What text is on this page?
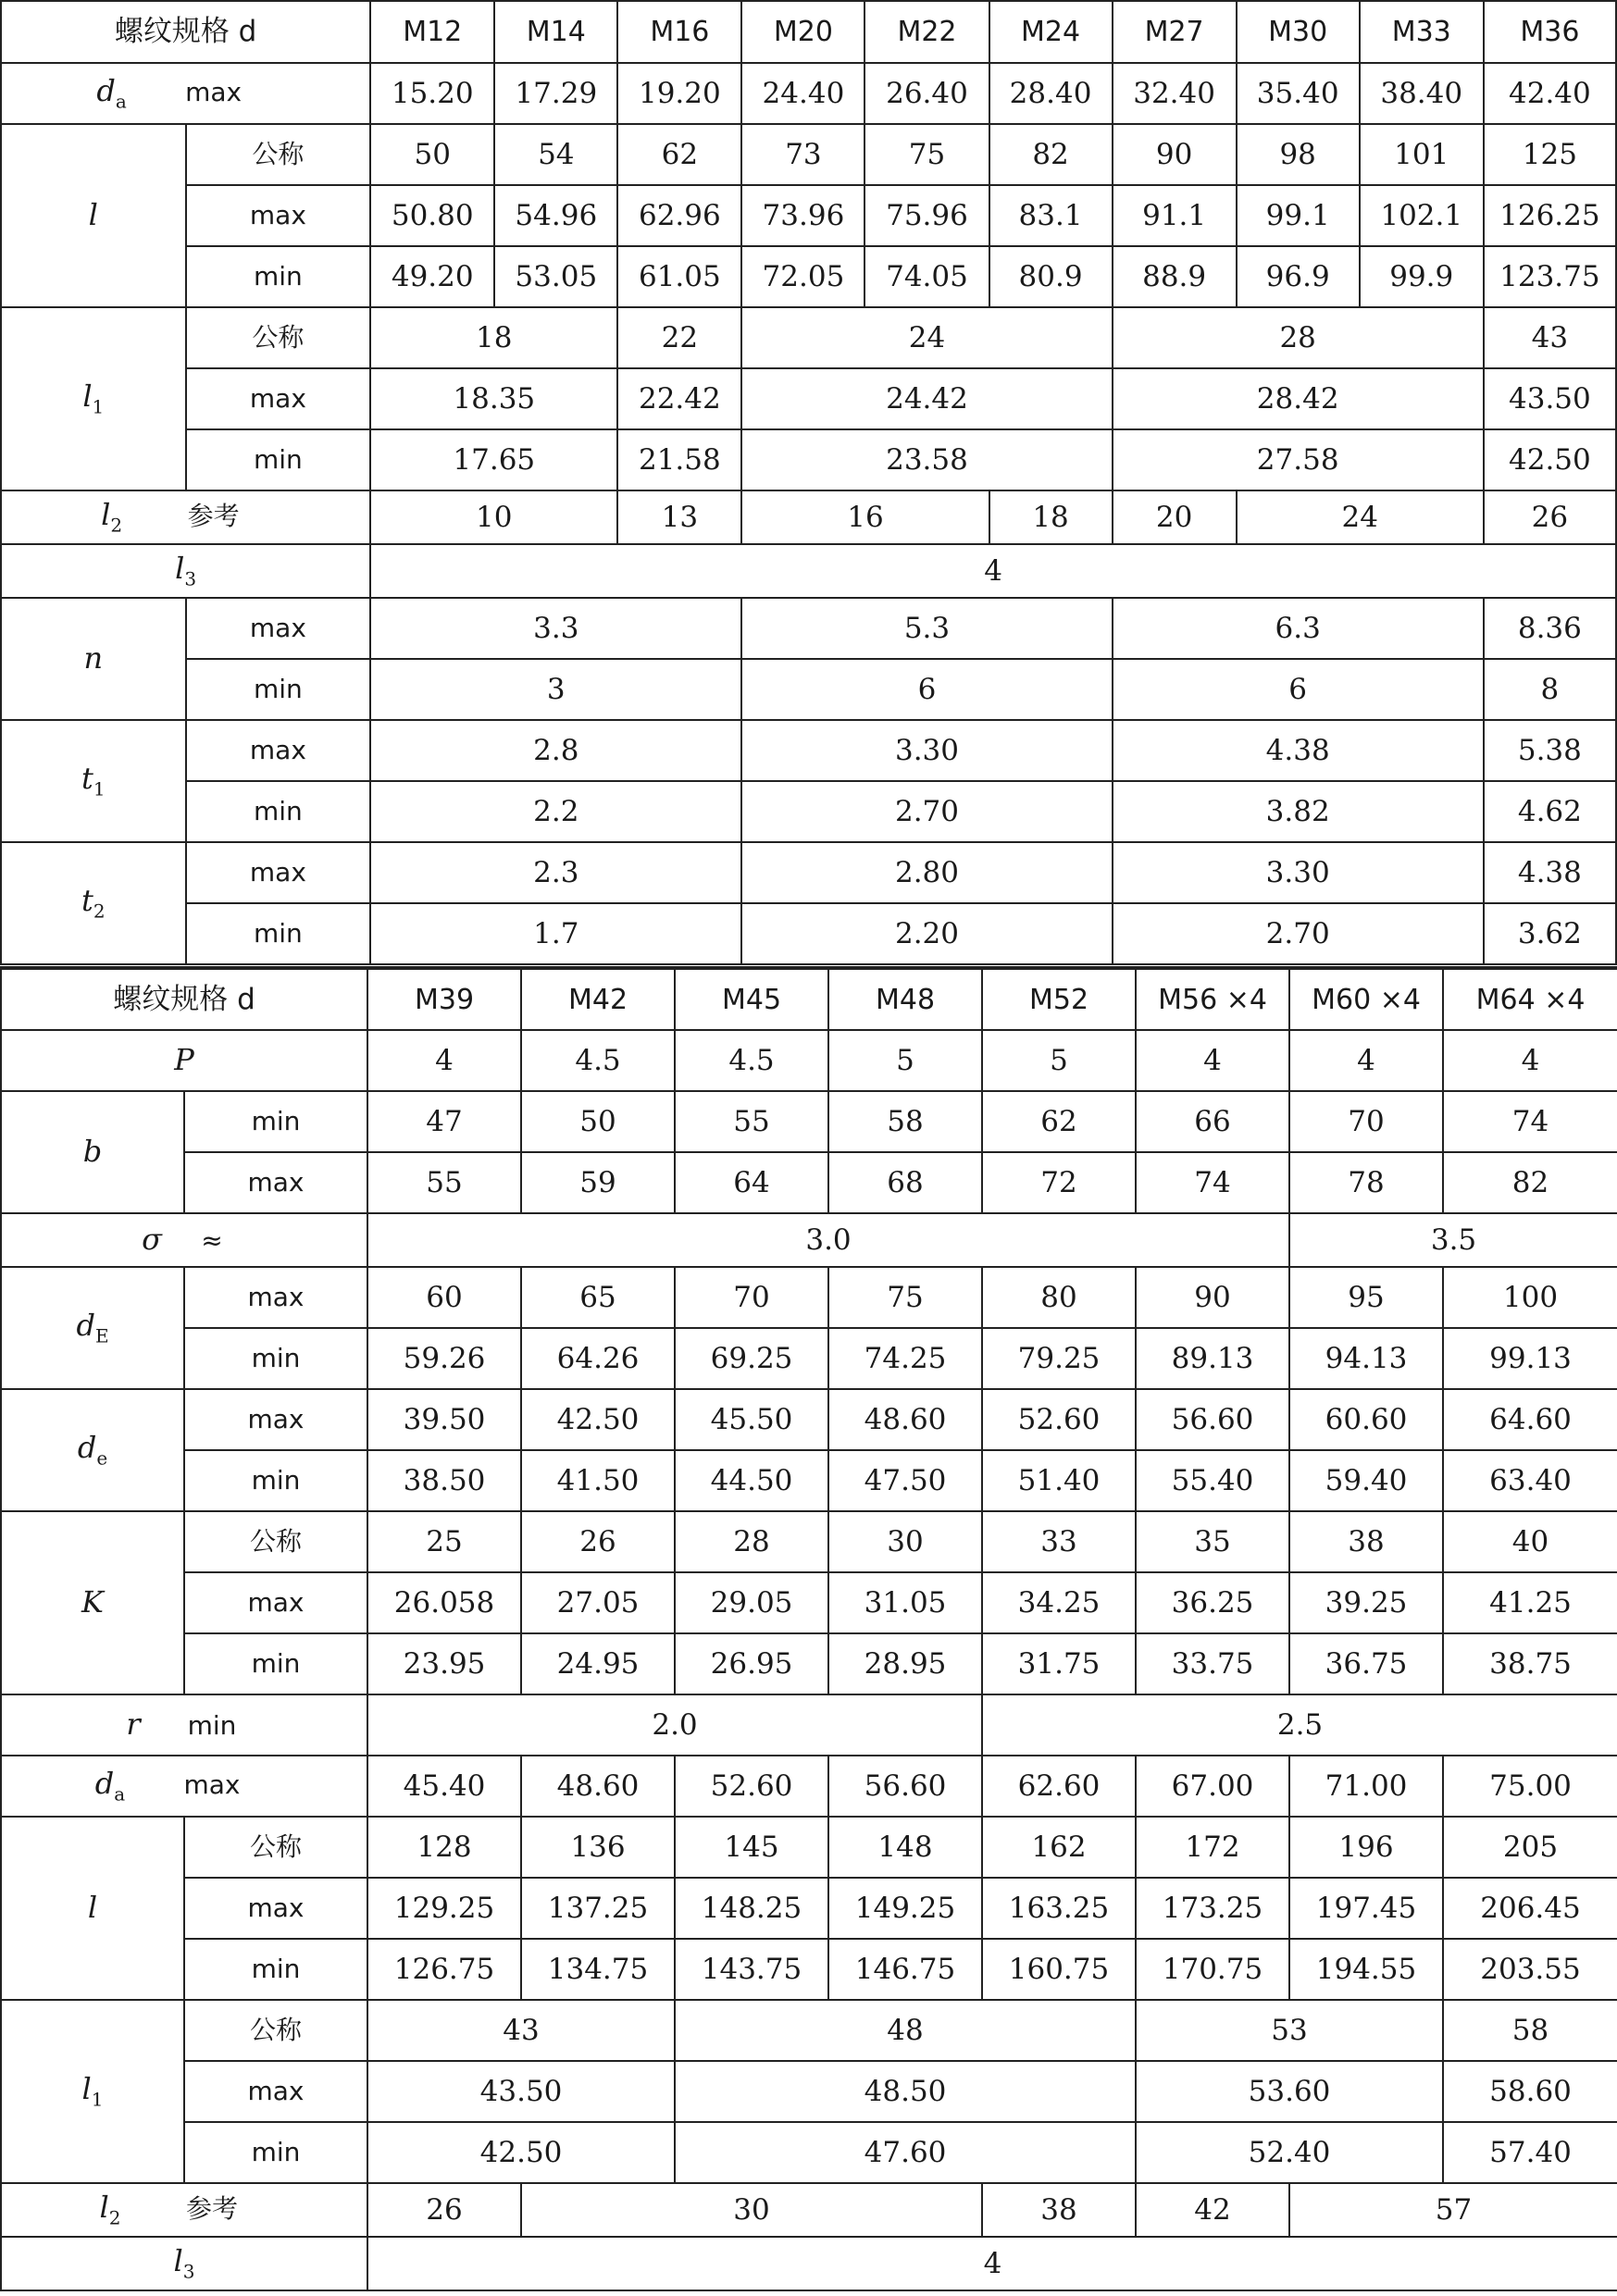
螺纹规格 d		M12	M14	M16	M20	M22	M24	M27	M30	M33	M36
$d_a$ max		15.20	17.29	19.20	24.40	26.40	28.40	32.40	35.40	38.40	42.40
l	公称	50	54	62	73	75	82	90	98	101	125
	max	50.80	54.96	62.96	73.96	75.96	83.1	91.1	99.1	102.1	126.25
	min	49.20	53.05	61.05	72.05	74.05	80.9	88.9	96.9	99.9	123.75
$l_1$	公称	18		22	24			28			43
	max	18.35		22.42	24.42			28.42			43.50
	min	17.65		21.58	23.58			27.58			42.50
$l_2$ 参考		10		13	16		18	20	24		26
$l_3$		4									
n	max	3.3			5.3			6.3			8.36
	min	3			6			6			8
$t_1$	max	2.8			3.30			4.38			5.38
	min	2.2			2.70			3.82			4.62
$t_2$	max	2.3			2.80			3.30			4.38
	min	1.7			2.20			2.70			3.62
螺纹规格 d		M39	M42	M45	M48	M52	M56 ×4	M60 ×4	M64 ×4
P		4	4.5	4.5	5	5	4	4	4
b	min	47	50	55	58	62	66	70	74
	max	55	59	64	68	72	74	78	82
σ ≈		3.0						3.5	
$d_E$	max	60	65	70	75	80	90	95	100
	min	59.26	64.26	69.25	74.25	79.25	89.13	94.13	99.13
$d_e$	max	39.50	42.50	45.50	48.60	52.60	56.60	60.60	64.60
	min	38.50	41.50	44.50	47.50	51.40	55.40	59.40	63.40
K	公称	25	26	28	30	33	35	38	40
	max	26.058	27.05	29.05	31.05	34.25	36.25	39.25	41.25
	min	23.95	24.95	26.95	28.95	31.75	33.75	36.75	38.75
r min		2.0				2.5			
$d_a$ max		45.40	48.60	52.60	56.60	62.60	67.00	71.00	75.00
l	公称	128	136	145	148	162	172	196	205
	max	129.25	137.25	148.25	149.25	163.25	173.25	197.45	206.45
	min	126.75	134.75	143.75	146.75	160.75	170.75	194.55	203.55
$l_1$	公称	43		48			53		58
	max	43.50		48.50			53.60		58.60
	min	42.50		47.60			52.40		57.40
$l_2$ 参考		26	30			38	42	57	
$l_3$		4							
